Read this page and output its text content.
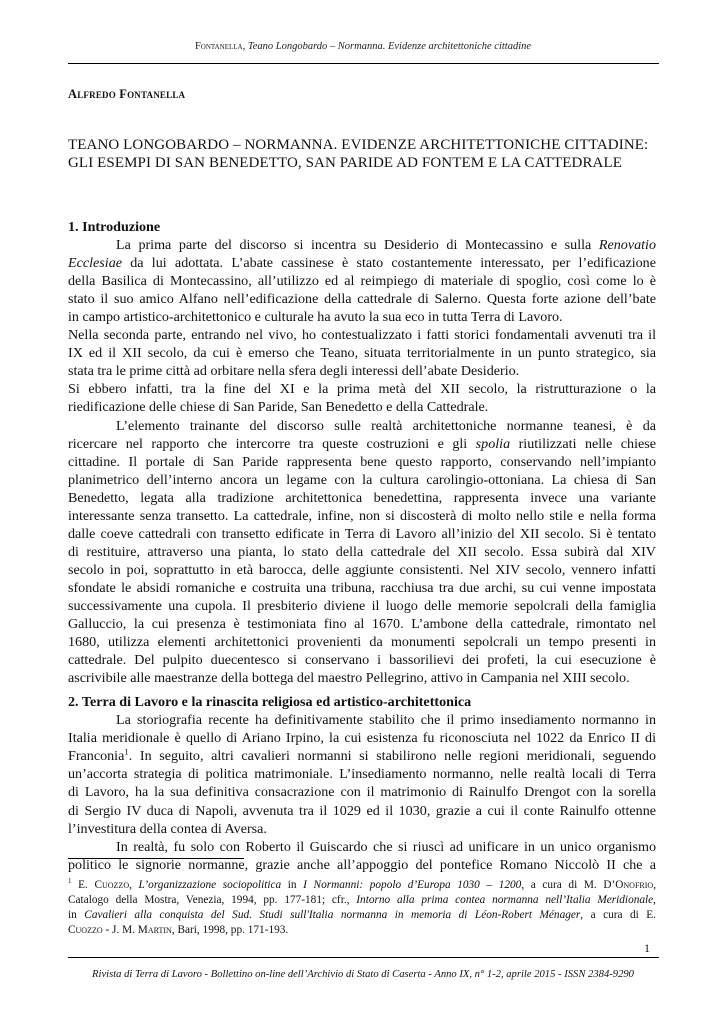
Fontanella, Teano Longobardo – Normanna. Evidenze architettoniche cittadine
Alfredo Fontanella
TEANO LONGOBARDO – NORMANNA. EVIDENZE ARCHITETTONICHE CITTADINE:
GLI ESEMPI DI SAN BENEDETTO, SAN PARIDE AD FONTEM E LA CATTEDRALE
1. Introduzione
La prima parte del discorso si incentra su Desiderio di Montecassino e sulla Renovatio
Ecclesiae da lui adottata. L’abate cassinese è stato costantemente interessato, per l’edificazione
della Basilica di Montecassino, all’utilizzo ed al reimpiego di materiale di spoglio, così come lo è
stato il suo amico Alfano nell’edificazione della cattedrale di Salerno. Questa forte azione dell’bate
in campo artistico-architettonico e culturale ha avuto la sua eco in tutta Terra di Lavoro.
Nella seconda parte, entrando nel vivo, ho contestualizzato i fatti storici fondamentali avvenuti tra il
IX ed il XII secolo, da cui è emerso che Teano, situata territorialmente in un punto strategico, sia
stata tra le prime città ad orbitare nella sfera degli interessi dell’abate Desiderio.
Si ebbero infatti, tra la fine del XI e la prima metà del XII secolo, la ristrutturazione o la
riedificazione delle chiese di San Paride, San Benedetto e della Cattedrale.
L’elemento trainante del discorso sulle realtà architettoniche normanne teanesi, è da
ricercare nel rapporto che intercorre tra queste costruzioni e gli spolia riutilizzati nelle chiese
cittadine. Il portale di San Paride rappresenta bene questo rapporto, conservando nell’impianto
planimetrico dell’interno ancora un legame con la cultura carolingio-ottoniana. La chiesa di San
Benedetto, legata alla tradizione architettonica benedettina, rappresenta invece una variante
interessante senza transetto. La cattedrale, infine, non si discosterà di molto nello stile e nella forma
dalle coeve cattedrali con transetto edificate in Terra di Lavoro all’inizio del XII secolo. Si è tentato
di restituire, attraverso una pianta, lo stato della cattedrale del XII secolo. Essa subirà dal XIV
secolo in poi, soprattutto in età barocca, delle aggiunte consistenti. Nel XIV secolo, vennero infatti
sfondate le absidi romaniche e costruita una tribuna, racchiusa tra due archi, su cui venne impostata
successivamente una cupola. Il presbiterio diviene il luogo delle memorie sepolcrali della famiglia
Galluccio, la cui presenza è testimoniata fino al 1670. L’ambone della cattedrale, rimontato nel
1680, utilizza elementi architettonici provenienti da monumenti sepolcrali un tempo presenti in
cattedrale. Del pulpito duecentesco si conservano i bassorilievi dei profeti, la cui esecuzione è
ascrivibile alle maestranze della bottega del maestro Pellegrino, attivo in Campania nel XIII secolo.
2. Terra di Lavoro e la rinascita religiosa ed artistico-architettonica
La storiografia recente ha definitivamente stabilito che il primo insediamento normanno in
Italia meridionale è quello di Ariano Irpino, la cui esistenza fu riconosciuta nel 1022 da Enrico II di
Franconia$^1$. In seguito, altri cavalieri normanni si stabilirono nelle regioni meridionali, seguendo
un’accorta strategia di politica matrimoniale. L’insediamento normanno, nelle realtà locali di Terra
di Lavoro, ha la sua definitiva consacrazione con il matrimonio di Rainulfo Drengot con la sorella
di Sergio IV duca di Napoli, avvenuta tra il 1029 ed il 1030, grazie a cui il conte Rainulfo ottenne
l’investitura della contea di Aversa.
In realtà, fu solo con Roberto il Guiscardo che si riuscì ad unificare in un unico organismo
politico le signorie normanne, grazie anche all’appoggio del pontefice Romano Niccolò II che a
$^1$ E. Cuozzo, L’organizzazione sociopolitica in I Normanni: popolo d’Europa 1030 – 1200, a cura di M. D’Onofrio,
Catalogo della Mostra, Venezia, 1994, pp. 177-181; cfr., Intorno alla prima contea normanna nell’Italia Meridionale,
in Cavalieri alla conquista del Sud. Studi sull'Italia normanna in memoria di Léon-Robert Ménager, a cura di E.
Cuozzo - J. M. Martin, Bari, 1998, pp. 171-193.
1
Rivista di Terra di Lavoro - Bollettino on-line dell’Archivio di Stato di Caserta - Anno IX, n° 1-2, aprile 2015 - ISSN 2384-9290
